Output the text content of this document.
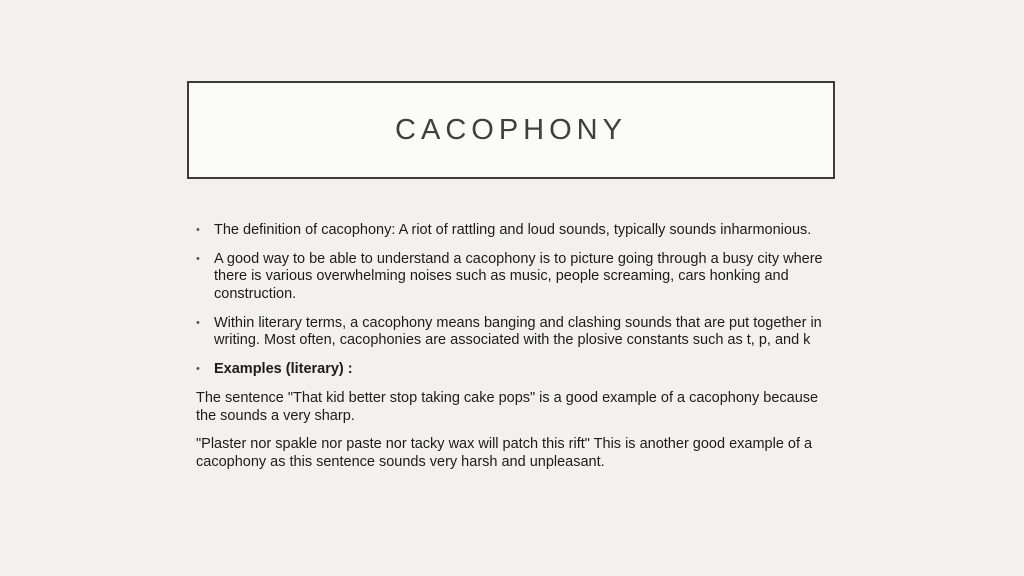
CACOPHONY
• The definition of cacophony: A riot of rattling and loud sounds, typically sounds inharmonious.
• A good way to be able to understand a cacophony is to picture going through a busy city where there is various overwhelming noises such as music, people screaming, cars honking and construction.
• Within literary terms, a cacophony means banging and clashing sounds that are put together in writing. Most often, cacophonies are associated with the plosive constants such as t, p, and k
• Examples (literary) :

The sentence "That kid better stop taking cake pops" is a good example of a cacophony because the sounds a very sharp.

"Plaster nor spakle nor paste nor tacky wax will patch this rift" This is another good example of a cacophony as this sentence sounds very harsh and unpleasant.
